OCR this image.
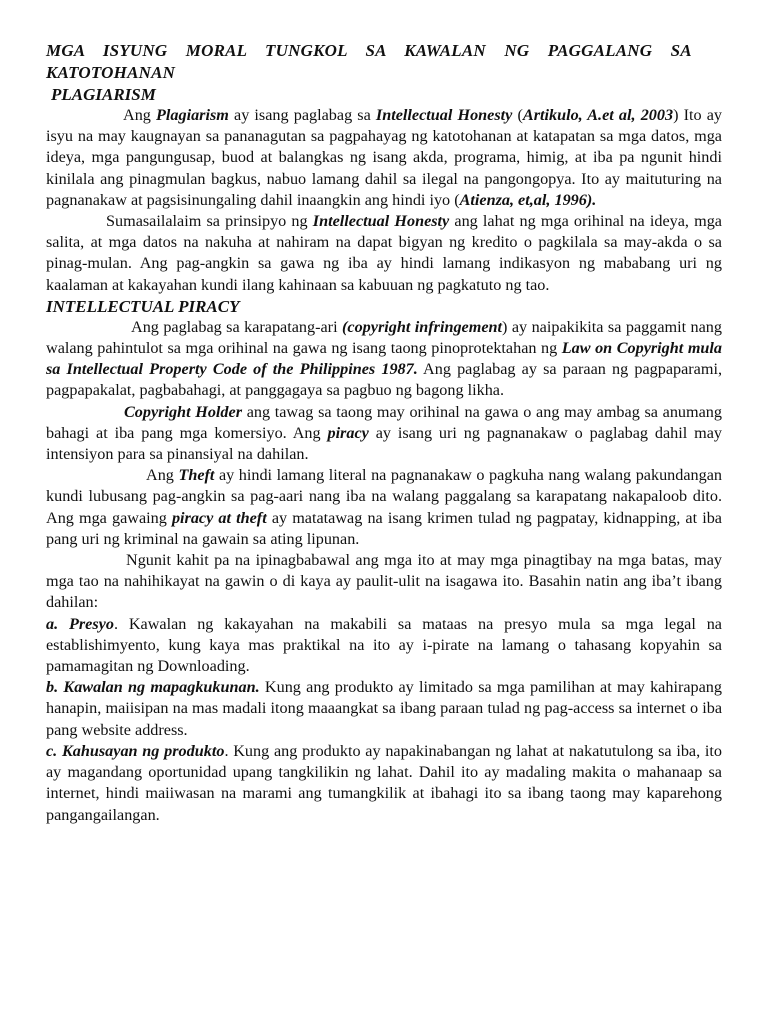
MGA ISYUNG MORAL TUNGKOL SA KAWALAN NG PAGGALANG SA
KATOTOHANAN
PLAGIARISM

Ang Plagiarism ay isang paglabag sa Intellectual Honesty (Artikulo, A.et al, 2003) Ito ay isyu na may kaugnayan sa pananagutan sa pagpahayag ng katotohanan at katapatan sa mga datos, mga ideya, mga pangungusap, buod at balangkas ng isang akda, programa, himig, at iba pa ngunit hindi kinilala ang pinagmulan bagkus, nabuo lamang dahil sa ilegal na pangongopya. Ito ay maituturing na pagnanakaw at pagsisinungaling dahil inaangkin ang hindi iyo (Atienza, et,al, 1996).

Sumasailalaim sa prinsipyo ng Intellectual Honesty ang lahat ng mga orihinal na ideya, mga salita, at mga datos na nakuha at nahiram na dapat bigyan ng kredito o pagkilala sa may-akda o sa pinag-mulan. Ang pag-angkin sa gawa ng iba ay hindi lamang indikasyon ng mababang uri ng kaalaman at kakayahan kundi ilang kahinaan sa kabuuan ng pagkatuto ng tao.

INTELLECTUAL PIRACY

Ang paglabag sa karapatang-ari (copyright infringement) ay naipakikita sa paggamit nang walang pahintulot sa mga orihinal na gawa ng isang taong pinoprotektahan ng Law on Copyright mula sa Intellectual Property Code of the Philippines 1987. Ang paglabag ay sa paraan ng pagpaparami, pagpapakalat, pagbabahagi, at panggagaya sa pagbuo ng bagong likha.

Copyright Holder ang tawag sa taong may orihinal na gawa o ang may ambag sa anumang bahagi at iba pang mga komersiyo. Ang piracy ay isang uri ng pagnanakaw o paglabag dahil may intensiyon para sa pinansiyal na dahilan.

Ang Theft ay hindi lamang literal na pagnanakaw o pagkuha nang walang pakundangan kundi lubusang pag-angkin sa pag-aari nang iba na walang paggalang sa karapatang nakapaloob dito. Ang mga gawaing piracy at theft ay matatawag na isang krimen tulad ng pagpatay, kidnapping, at iba pang uri ng kriminal na gawain sa ating lipunan.

Ngunit kahit pa na ipinagbabawal ang mga ito at may mga pinagtibay na mga batas, may mga tao na nahihikayat na gawin o di kaya ay paulit-ulit na isagawa ito. Basahin natin ang iba’t ibang dahilan:

a. Presyo. Kawalan ng kakayahan na makabili sa mataas na presyo mula sa mga legal na establishimyento, kung kaya mas praktikal na ito ay i-pirate na lamang o tahasang kopyahin sa pamamagitan ng Downloading.

b. Kawalan ng mapagkukunan. Kung ang produkto ay limitado sa mga pamilihan at may kahirapang hanapin, maiisipan na mas madali itong maaangkat sa ibang paraan tulad ng pag-access sa internet o iba pang website address.

c. Kahusayan ng produkto. Kung ang produkto ay napakinabangan ng lahat at nakatutulong sa iba, ito ay magandang oportunidad upang tangkilikin ng lahat. Dahil ito ay madaling makita o mahanaap sa internet, hindi maiiwasan na marami ang tumangkilik at ibahagi ito sa ibang taong may kaparehong pangangailangan.
